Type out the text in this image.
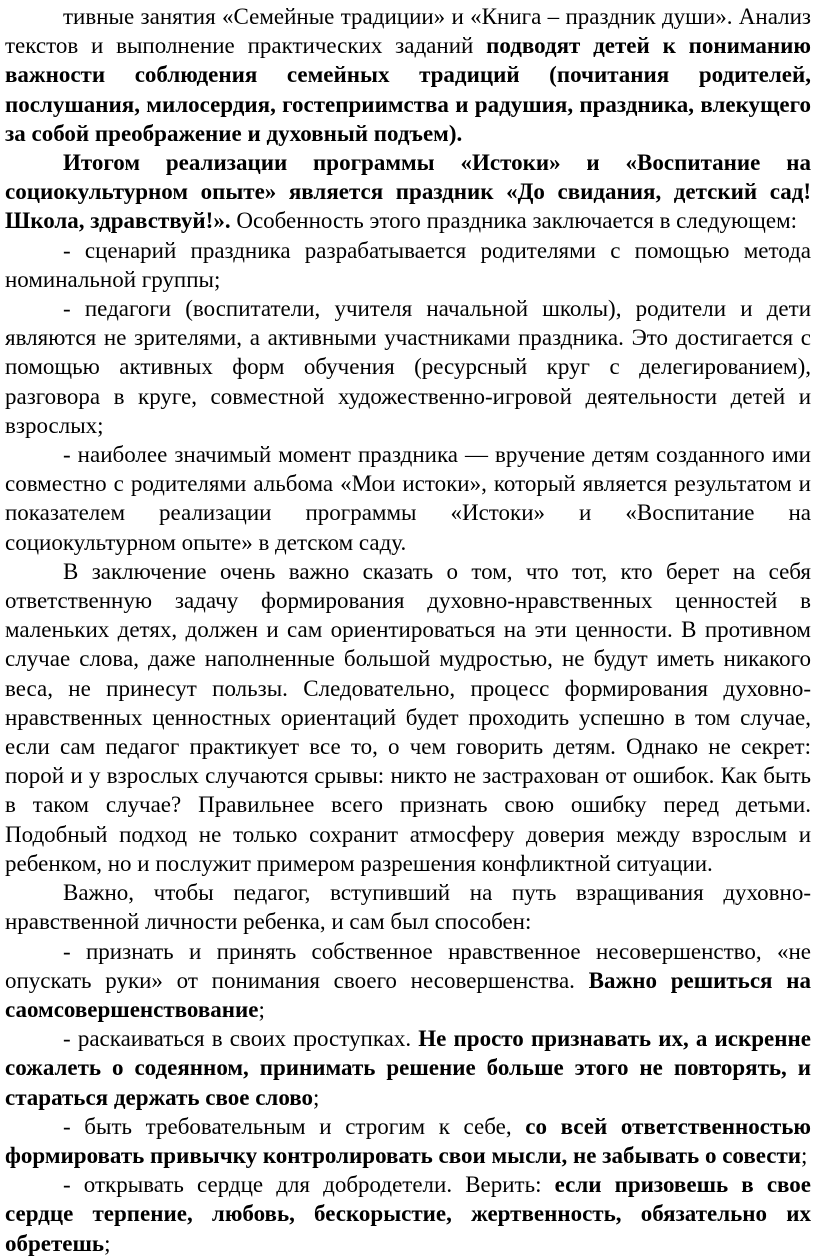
тивные занятия «Семейные традиции» и «Книга – праздник души». Анализ текстов и выполнение практических заданий подводят детей к пониманию важности соблюдения семейных традиций (почитания родителей, послушания, милосердия, гостеприимства и радушия, праздника, влекущего за собой преображение и духовный подъем).

Итогом реализации программы «Истоки» и «Воспитание на социокультурном опыте» является праздник «До свидания, детский сад! Школа, здравствуй!». Особенность этого праздника заключается в следующем:

- сценарий праздника разрабатывается родителями с помощью метода номинальной группы;

- педагоги (воспитатели, учителя начальной школы), родители и дети являются не зрителями, а активными участниками праздника. Это достигается с помощью активных форм обучения (ресурсный круг с делегированием), разговора в круге, совместной художественно-игровой деятельности детей и взрослых;

- наиболее значимый момент праздника — вручение детям созданного ими совместно с родителями альбома «Мои истоки», который является результатом и показателем реализации программы «Истоки» и «Воспитание на социокультурном опыте» в детском саду.

В заключение очень важно сказать о том, что тот, кто берет на себя ответственную задачу формирования духовно-нравственных ценностей в маленьких детях, должен и сам ориентироваться на эти ценности. В противном случае слова, даже наполненные большой мудростью, не будут иметь никакого веса, не принесут пользы. Следовательно, процесс формирования духовно-нравственных ценностных ориентаций будет проходить успешно в том случае, если сам педагог практикует все то, о чем говорить детям. Однако не секрет: порой и у взрослых случаются срывы: никто не застрахован от ошибок. Как быть в таком случае? Правильнее всего признать свою ошибку перед детьми. Подобный подход не только сохранит атмосферу доверия между взрослым и ребенком, но и послужит примером разрешения конфликтной ситуации.

Важно, чтобы педагог, вступивший на путь взращивания духовно-нравственной личности ребенка, и сам был способен:

- признать и принять собственное нравственное несовершенство, «не опускать руки» от понимания своего несовершенства. Важно решиться на саомсовершенствование;

- раскаиваться в своих проступках. Не просто признавать их, а искренне сожалеть о содеянном, принимать решение больше этого не повторять, и стараться держать свое слово;

- быть требовательным и строгим к себе, со всей ответственностью формировать привычку контролировать свои мысли, не забывать о совести;

- открывать сердце для добродетели. Верить: если призовешь в свое сердце терпение, любовь, бескорыстие, жертвенность, обязательно их обретешь;
